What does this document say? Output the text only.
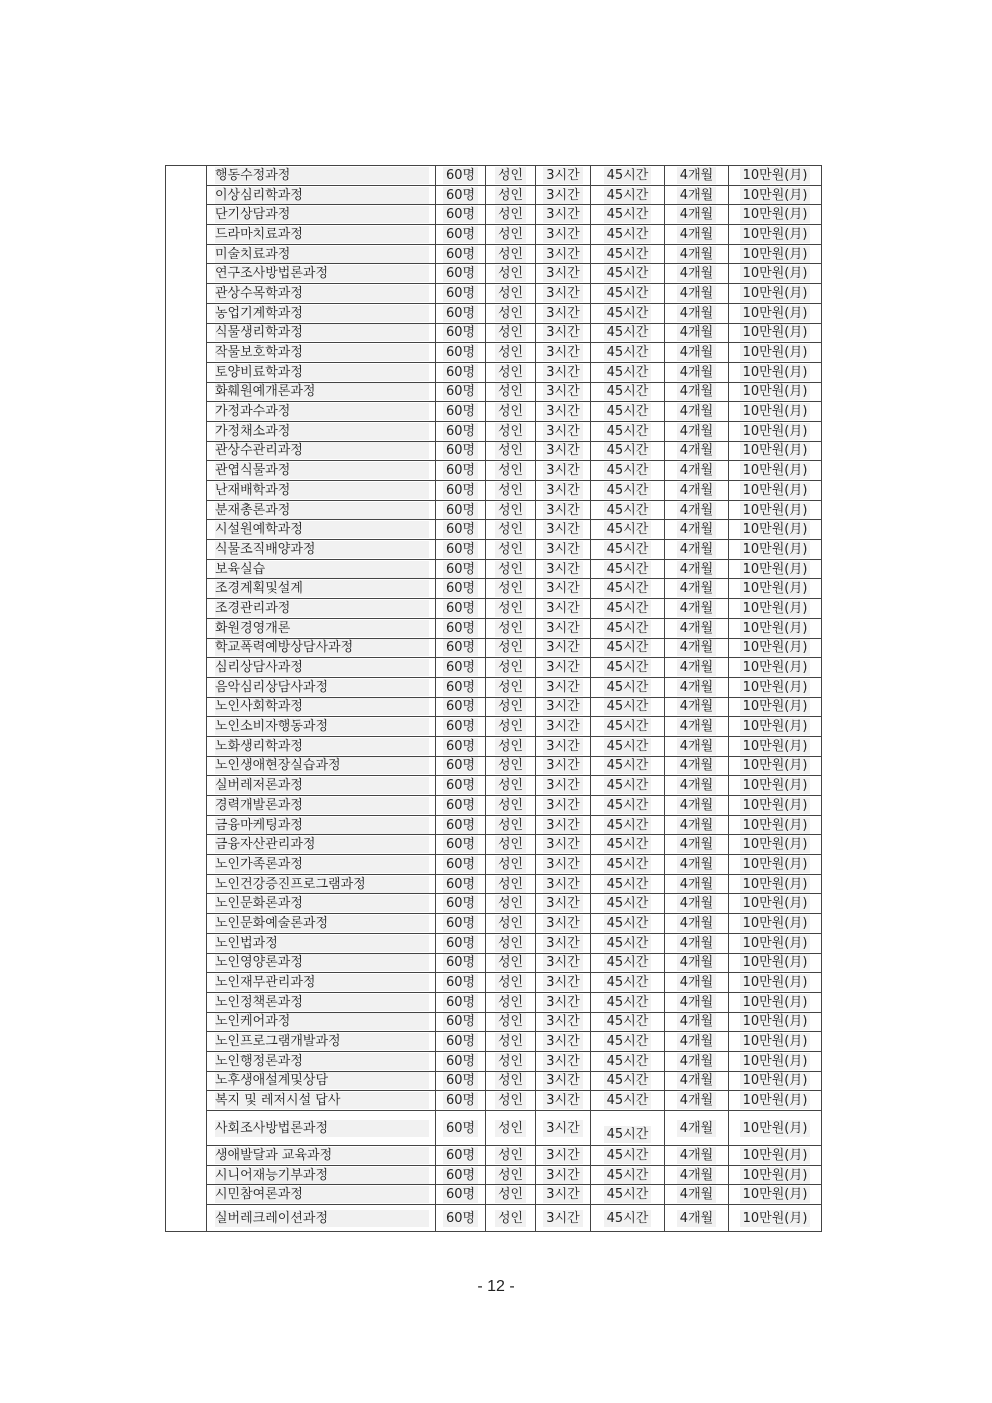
	행동수정과정	60명	성인	3시간	45시간	4개월	10만원(月)
	이상심리학과정	60명	성인	3시간	45시간	4개월	10만원(月)
	단기상담과정	60명	성인	3시간	45시간	4개월	10만원(月)
	드라마치료과정	60명	성인	3시간	45시간	4개월	10만원(月)
	미술치료과정	60명	성인	3시간	45시간	4개월	10만원(月)
	연구조사방법론과정	60명	성인	3시간	45시간	4개월	10만원(月)
	관상수목학과정	60명	성인	3시간	45시간	4개월	10만원(月)
	농업기계학과정	60명	성인	3시간	45시간	4개월	10만원(月)
	식물생리학과정	60명	성인	3시간	45시간	4개월	10만원(月)
	작물보호학과정	60명	성인	3시간	45시간	4개월	10만원(月)
	토양비료학과정	60명	성인	3시간	45시간	4개월	10만원(月)
	화훼원예개론과정	60명	성인	3시간	45시간	4개월	10만원(月)
	가정과수과정	60명	성인	3시간	45시간	4개월	10만원(月)
	가정채소과정	60명	성인	3시간	45시간	4개월	10만원(月)
	관상수관리과정	60명	성인	3시간	45시간	4개월	10만원(月)
	관엽식물과정	60명	성인	3시간	45시간	4개월	10만원(月)
	난재배학과정	60명	성인	3시간	45시간	4개월	10만원(月)
	분재총론과정	60명	성인	3시간	45시간	4개월	10만원(月)
	시설원예학과정	60명	성인	3시간	45시간	4개월	10만원(月)
	식물조직배양과정	60명	성인	3시간	45시간	4개월	10만원(月)
	보육실습	60명	성인	3시간	45시간	4개월	10만원(月)
	조경계획및설계	60명	성인	3시간	45시간	4개월	10만원(月)
	조경관리과정	60명	성인	3시간	45시간	4개월	10만원(月)
	화원경영개론	60명	성인	3시간	45시간	4개월	10만원(月)
	학교폭력예방상담사과정	60명	성인	3시간	45시간	4개월	10만원(月)
	심리상담사과정	60명	성인	3시간	45시간	4개월	10만원(月)
	음악심리상담사과정	60명	성인	3시간	45시간	4개월	10만원(月)
	노인사회학과정	60명	성인	3시간	45시간	4개월	10만원(月)
	노인소비자행동과정	60명	성인	3시간	45시간	4개월	10만원(月)
	노화생리학과정	60명	성인	3시간	45시간	4개월	10만원(月)
	노인생애현장실습과정	60명	성인	3시간	45시간	4개월	10만원(月)
	실버레저론과정	60명	성인	3시간	45시간	4개월	10만원(月)
	경력개발론과정	60명	성인	3시간	45시간	4개월	10만원(月)
	금융마케팅과정	60명	성인	3시간	45시간	4개월	10만원(月)
	금융자산관리과정	60명	성인	3시간	45시간	4개월	10만원(月)
	노인가족론과정	60명	성인	3시간	45시간	4개월	10만원(月)
	노인건강증진프로그램과정	60명	성인	3시간	45시간	4개월	10만원(月)
	노인문화론과정	60명	성인	3시간	45시간	4개월	10만원(月)
	노인문화예술론과정	60명	성인	3시간	45시간	4개월	10만원(月)
	노인법과정	60명	성인	3시간	45시간	4개월	10만원(月)
	노인영양론과정	60명	성인	3시간	45시간	4개월	10만원(月)
	노인재무관리과정	60명	성인	3시간	45시간	4개월	10만원(月)
	노인정책론과정	60명	성인	3시간	45시간	4개월	10만원(月)
	노인케어과정	60명	성인	3시간	45시간	4개월	10만원(月)
	노인프로그램개발과정	60명	성인	3시간	45시간	4개월	10만원(月)
	노인행정론과정	60명	성인	3시간	45시간	4개월	10만원(月)
	노후생애설계및상담	60명	성인	3시간	45시간	4개월	10만원(月)
	복지 및 레저시설 답사	60명	성인	3시간	45시간	4개월	10만원(月)
	사회조사방법론과정	60명	성인	3시간	45시간	4개월	10만원(月)
	생애발달과 교육과정	60명	성인	3시간	45시간	4개월	10만원(月)
	시니어재능기부과정	60명	성인	3시간	45시간	4개월	10만원(月)
	시민참여론과정	60명	성인	3시간	45시간	4개월	10만원(月)
	실버레크레이션과정	60명	성인	3시간	45시간	4개월	10만원(月)
- 12 -
